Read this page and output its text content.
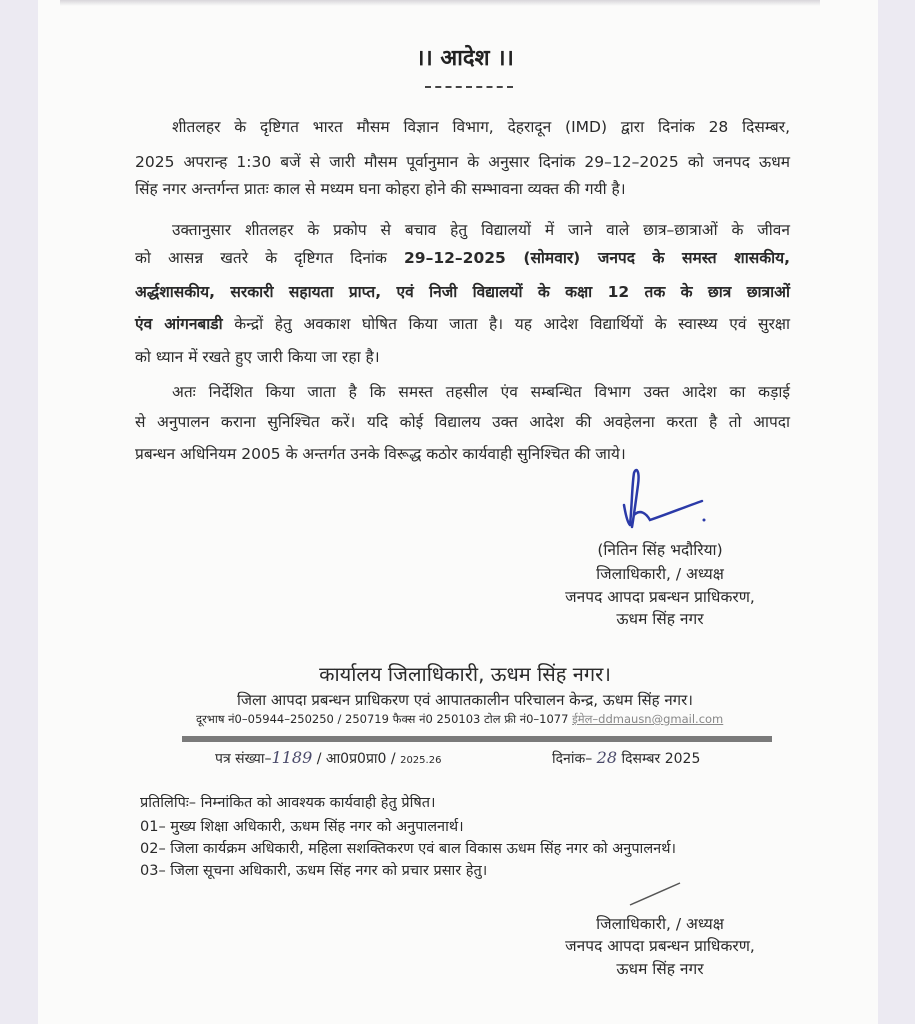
।। आदेश ।।
शीतलहर के दृष्टिगत भारत मौसम विज्ञान विभाग, देहरादून (IMD) द्वारा दिनांक 28 दिसम्बर,
2025 अपरान्ह 1:30 बजें से जारी मौसम पूर्वानुमान के अनुसार दिनांक 29–12–2025 को जनपद ऊधम
सिंह नगर अन्तर्गन्त प्रातः काल से मध्यम घना कोहरा होने की सम्भावना व्यक्त की गयी है।
उक्तानुसार शीतलहर के प्रकोप से बचाव हेतु विद्यालयों में जाने वाले छात्र–छात्राओं के जीवन
को आसन्न खतरे के दृष्टिगत दिनांक 29–12–2025 (सोमवार) जनपद के समस्त शासकीय,
अर्द्धशासकीय, सरकारी सहायता प्राप्त, एवं निजी विद्यालयों के कक्षा 12 तक के छात्र छात्राओं
एंव आंगनबाडी केन्द्रों हेतु अवकाश घोषित किया जाता है। यह आदेश विद्यार्थियों के स्वास्थ्य एवं सुरक्षा
को ध्यान में रखते हुए जारी किया जा रहा है।
अतः निर्देशित किया जाता है कि समस्त तहसील एंव सम्बन्धित विभाग उक्त आदेश का कड़ाई
से अनुपालन कराना सुनिश्चित करें। यदि कोई विद्यालय उक्त आदेश की अवहेलना करता है तो आपदा
प्रबन्धन अधिनियम 2005 के अन्तर्गत उनके विरूद्ध कठोर कार्यवाही सुनिश्चित की जाये।
(नितिन सिंह भदौरिया)
जिलाधिकारी, / अध्यक्ष
जनपद आपदा प्रबन्धन प्राधिकरण,
ऊधम सिंह नगर
कार्यालय जिलाधिकारी, ऊधम सिंह नगर।
जिला आपदा प्रबन्धन प्राधिकरण एवं आपातकालीन परिचालन केन्द्र, ऊधम सिंह नगर।
दूरभाष नं0–05944–250250 / 250719 फैक्स नं0 250103 टोल फ्री नं0–1077 ईमेल–ddmausn@gmail.com
पत्र संख्या–1189 / आ0प्र0प्रा0 / 2025.26	दिनांक– 28 दिसम्बर 2025
प्रतिलिपिः– निम्नांकित को आवश्यक कार्यवाही हेतु प्रेषित।
01– मुख्य शिक्षा अधिकारी, ऊधम सिंह नगर को अनुपालनार्थ।
02– जिला कार्यक्रम अधिकारी, महिला सशक्तिकरण एवं बाल विकास ऊधम सिंह नगर को अनुपालनर्थ।
03– जिला सूचना अधिकारी, ऊधम सिंह नगर को प्रचार प्रसार हेतु।
जिलाधिकारी, / अध्यक्ष
जनपद आपदा प्रबन्धन प्राधिकरण,
ऊधम सिंह नगर
